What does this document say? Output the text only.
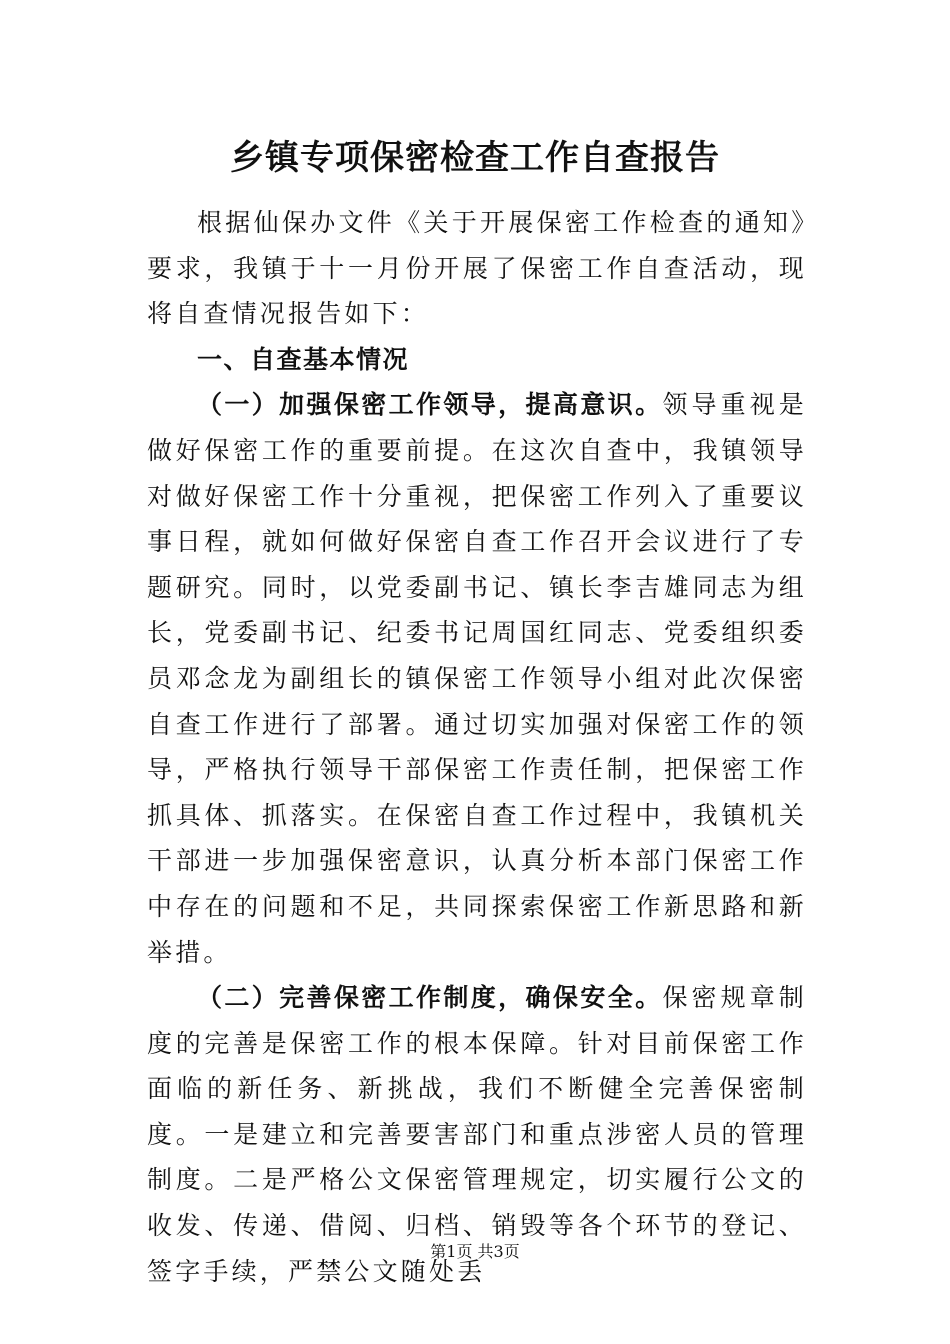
乡镇专项保密检查工作自查报告

根据仙保办文件《关于开展保密工作检查的通知》要求，我镇于十一月份开展了保密工作自查活动，现将自查情况报告如下：

一、自查基本情况

（一）加强保密工作领导，提高意识。领导重视是做好保密工作的重要前提。在这次自查中，我镇领导对做好保密工作十分重视，把保密工作列入了重要议事日程，就如何做好保密自查工作召开会议进行了专题研究。同时，以党委副书记、镇长李吉雄同志为组长，党委副书记、纪委书记周国红同志、党委组织委员邓念龙为副组长的镇保密工作领导小组对此次保密自查工作进行了部署。通过切实加强对保密工作的领导，严格执行领导干部保密工作责任制，把保密工作抓具体、抓落实。在保密自查工作过程中，我镇机关干部进一步加强保密意识，认真分析本部门保密工作中存在的问题和不足，共同探索保密工作新思路和新举措。

（二）完善保密工作制度，确保安全。保密规章制度的完善是保密工作的根本保障。针对目前保密工作面临的新任务、新挑战，我们不断健全完善保密制度。一是建立和完善要害部门和重点涉密人员的管理制度。二是严格公文保密管理规定，切实履行公文的收发、传递、借阅、归档、销毁等各个环节的登记、签字手续，严禁公文随处丢

第1页 共3页
